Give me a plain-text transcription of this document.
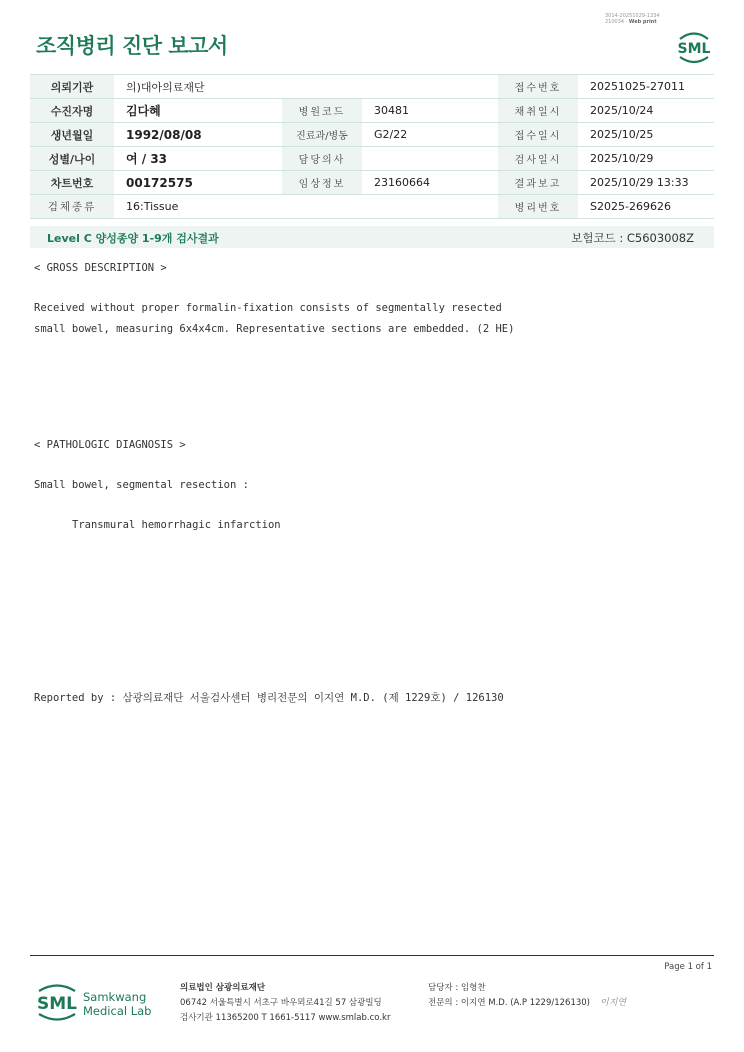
3014-20251029-1334
210034 · Web print
조직병리 진단 보고서	SML
의뢰기관	의)대아의료재단			접수번호	20251025-27011
수진자명	김다혜	병원코드	30481	채취일시	2025/10/24
생년월일	1992/08/08	진료과/병동	G2/22	접수일시	2025/10/25
성별/나이	여 / 33	담당의사		검사일시	2025/10/29
차트번호	00172575	임상정보	23160664	결과보고	2025/10/29 13:33
검체종류	16:Tissue			병리번호	S2025-269626
Level C 양성종양 1-9개 검사결과	보험코드 : C5603008Z
< GROSS DESCRIPTION >
Received without proper formalin-fixation consists of segmentally resected
small bowel, measuring 6x4x4cm. Representative sections are embedded. (2 HE)
< PATHOLOGIC DIAGNOSIS >
Small bowel, segmental resection :
Transmural hemorrhagic infarction
Reported by : 삼광의료재단 서울검사센터 병리전문의 이지연 M.D. (제 1229호) / 126130
Page 1 of 1
SML Samkwang
Medical Lab
의료법인 삼광의료재단
06742 서울특별시 서초구 바우뫼로41길 57 삼광빌딩
검사기관 11365200 T 1661-5117 www.smlab.co.kr
담당자 : 임형찬
전문의 : 이지연 M.D. (A.P 1229/126130) 이지연
